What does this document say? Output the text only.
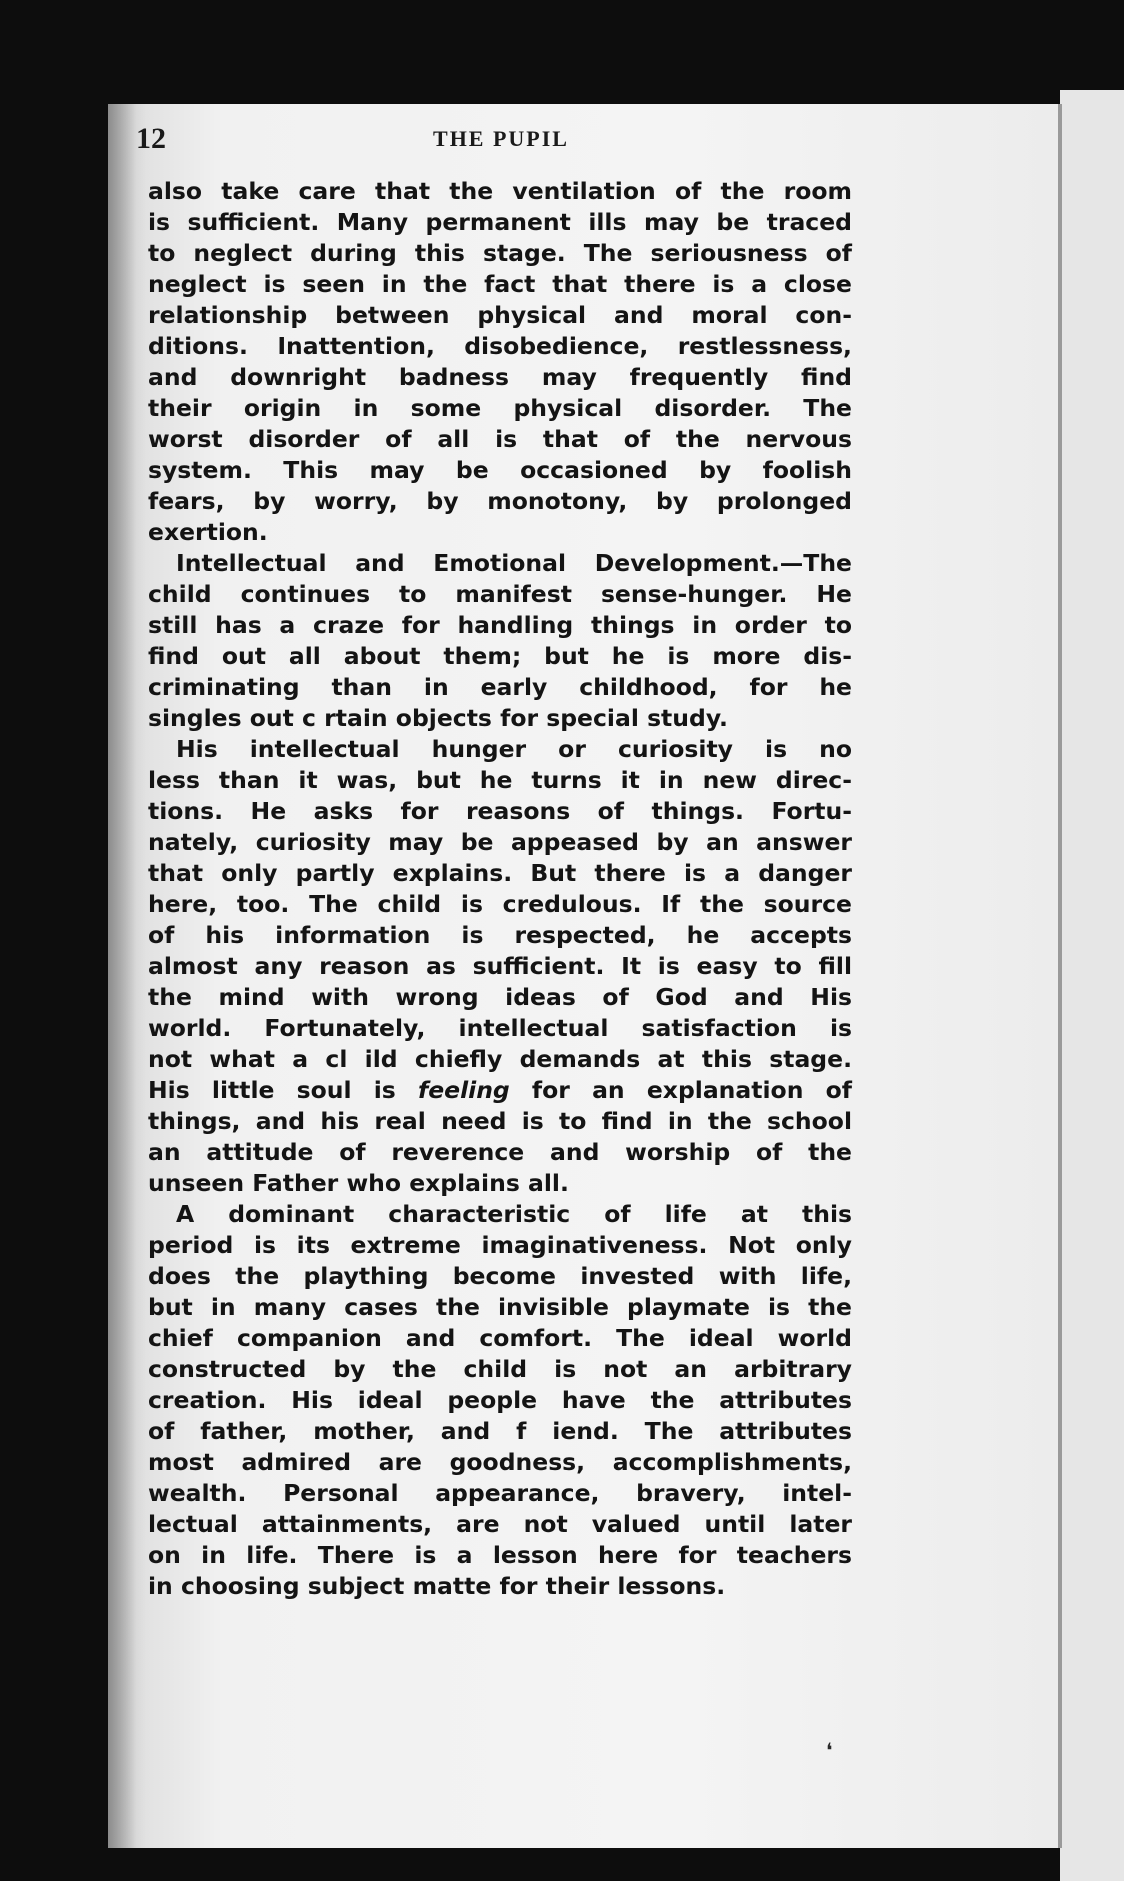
12	THE PUPIL
also take care that the ventilation of the room
is sufficient. Many permanent ills may be traced
to neglect during this stage. The seriousness of
neglect is seen in the fact that there is a close
relationship between physical and moral con-
ditions. Inattention, disobedience, restlessness,
and downright badness may frequently find
their origin in some physical disorder. The
worst disorder of all is that of the nervous
system. This may be occasioned by foolish
fears, by worry, by monotony, by prolonged
exertion.
Intellectual and Emotional Development.—The
child continues to manifest sense-hunger. He
still has a craze for handling things in order to
find out all about them; but he is more dis-
criminating than in early childhood, for he
singles out c rtain objects for special study.
His intellectual hunger or curiosity is no
less than it was, but he turns it in new direc-
tions. He asks for reasons of things. Fortu-
nately, curiosity may be appeased by an answer
that only partly explains. But there is a danger
here, too. The child is credulous. If the source
of his information is respected, he accepts
almost any reason as sufficient. It is easy to fill
the mind with wrong ideas of God and His
world. Fortunately, intellectual satisfaction is
not what a cl ild chiefly demands at this stage.
His little soul is feeling for an explanation of
things, and his real need is to find in the school
an attitude of reverence and worship of the
unseen Father who explains all.
A dominant characteristic of life at this
period is its extreme imaginativeness. Not only
does the plaything become invested with life,
but in many cases the invisible playmate is the
chief companion and comfort. The ideal world
constructed by the child is not an arbitrary
creation. His ideal people have the attributes
of father, mother, and f iend. The attributes
most admired are goodness, accomplishments,
wealth. Personal appearance, bravery, intel-
lectual attainments, are not valued until later
on in life. There is a lesson here for teachers
in choosing subject matte for their lessons.
❛
